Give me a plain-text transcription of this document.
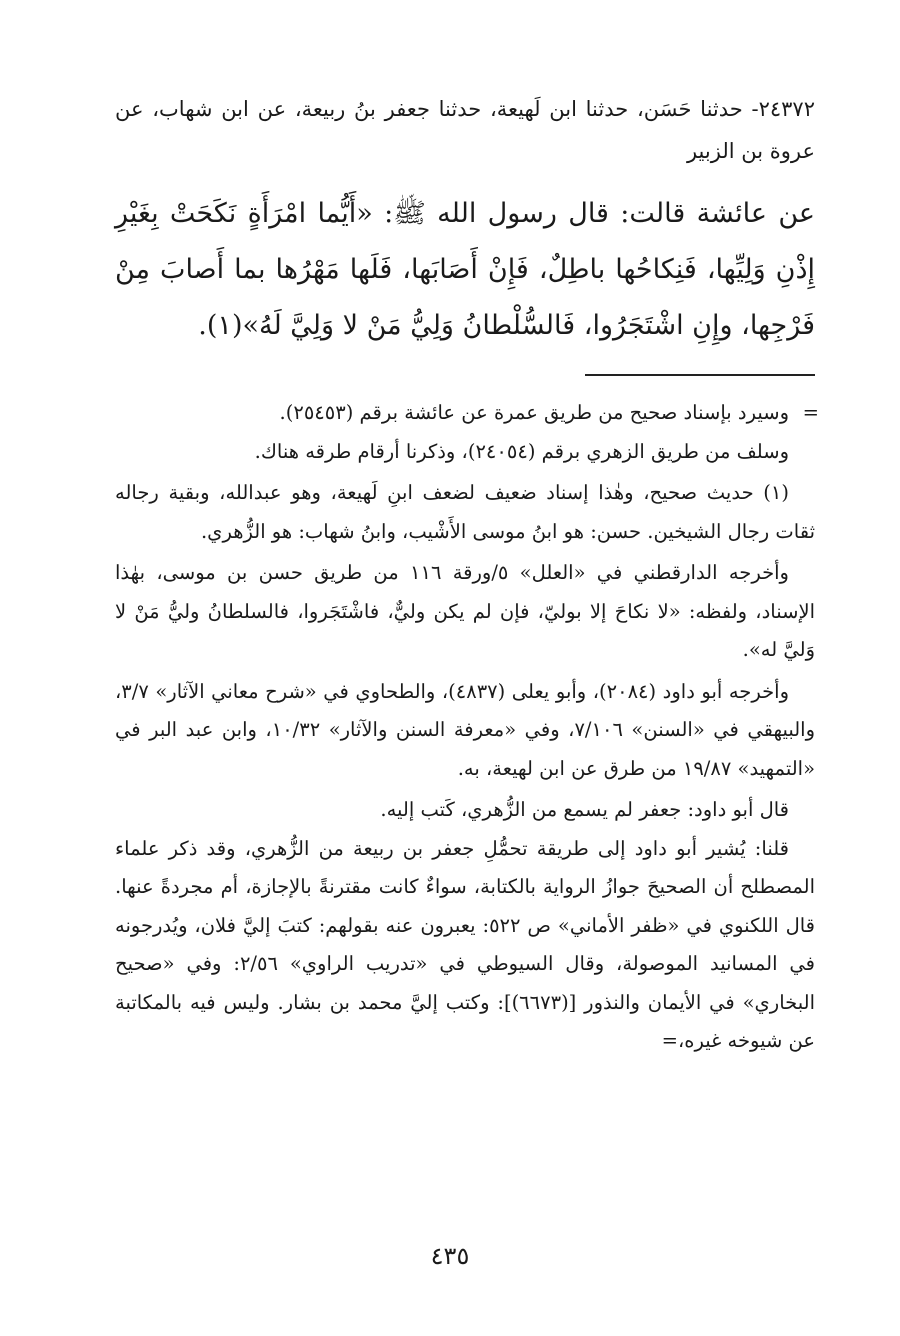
٢٤٣٧٢- حدثنا حَسَن، حدثنا ابن لَهيعة، حدثنا جعفر بنُ ربيعة، عن ابن شهاب، عن عروة بن الزبير

عن عائشة قالت: قال رسول الله ﷺ: «أَيُّما امْرَأَةٍ نَكَحَتْ بِغَيْرِ إِذْنِ وَلِيِّها، فَنِكاحُها باطِلٌ، فَإِنْ أَصَابَها، فَلَها مَهْرُها بما أَصابَ مِنْ فَرْجِها، وإِنِ اشْتَجَرُوا، فَالسُّلْطانُ وَلِيُّ مَنْ لا وَلِيَّ لَهُ»(١).

=
وسيرد بإسناد صحيح من طريق عمرة عن عائشة برقم (٢٥٤٥٣).

وسلف من طريق الزهري برقم (٢٤٠٥٤)، وذكرنا أرقام طرقه هناك.

(١) حديث صحيح، وهٰذا إسناد ضعيف لضعف ابنِ لَهيعة، وهو عبدالله، وبقية رجاله ثقات رجال الشيخين. حسن: هو ابنُ موسى الأَشْيب، وابنُ شهاب: هو الزُّهري.

وأخرجه الدارقطني في «العلل» ٥/ورقة ١١٦ من طريق حسن بن موسى، بهٰذا الإسناد، ولفظه: «لا نكاحَ إلا بوليّ، فإن لم يكن وليٌّ، فاشْتَجَروا، فالسلطانُ وليُّ مَنْ لا وَليَّ له».

وأخرجه أبو داود (٢٠٨٤)، وأبو يعلى (٤٨٣٧)، والطحاوي في «شرح معاني الآثار» ٣/٧، والبيهقي في «السنن» ٧/١٠٦، وفي «معرفة السنن والآثار» ١٠/٣٢، وابن عبد البر في «التمهيد» ١٩/٨٧ من طرق عن ابن لهيعة، به.

قال أبو داود: جعفر لم يسمع من الزُّهري، كَتب إليه.

قلنا: يُشير أبو داود إلى طريقة تحمُّلِ جعفر بن ربيعة من الزُّهري، وقد ذكر علماء المصطلح أن الصحيحَ جوازُ الرواية بالكتابة، سواءٌ كانت مقترنةً بالإجازة، أم مجردةً عنها. قال اللكنوي في «ظفر الأماني» ص ٥٢٢: يعبرون عنه بقولهم: كتبَ إليَّ فلان، ويُدرجونه في المسانيد الموصولة، وقال السيوطي في «تدريب الراوي» ٢/٥٦: وفي «صحيح البخاري» في الأيمان والنذور [(٦٦٧٣)]: وكتب إليَّ محمد بن بشار. وليس فيه بالمكاتبة عن شيوخه غيره،=

٤٣٥
